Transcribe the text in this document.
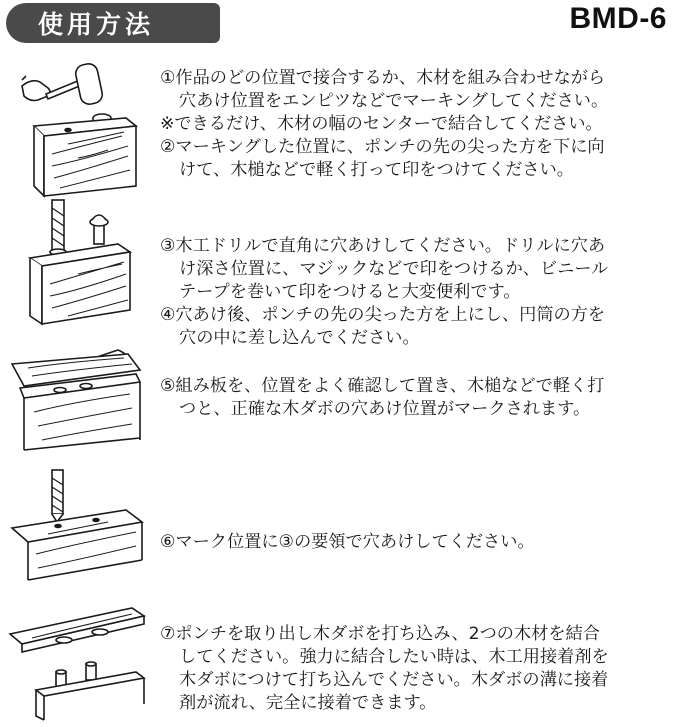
使用方法	BMD-6

①作品のどの位置で接合するか、木材を組み合わせながら

穴あけ位置をエンピツなどでマーキングしてください。

※できるだけ、木材の幅のセンターで結合してください。

②マーキングした位置に、ポンチの先の尖った方を下に向

けて、木槌などで軽く打って印をつけてください。

③木工ドリルで直角に穴あけしてください。ドリルに穴あ

け深さ位置に、マジックなどで印をつけるか、ビニール

テープを巻いて印をつけると大変便利です。

④穴あけ後、ポンチの先の尖った方を上にし、円筒の方を

穴の中に差し込んでください。

⑤組み板を、位置をよく確認して置き、木槌などで軽く打

つと、正確な木ダボの穴あけ位置がマークされます。

⑥マーク位置に③の要領で穴あけしてください。

⑦ポンチを取り出し木ダボを打ち込み、2つの木材を結合

してください。強力に結合したい時は、木工用接着剤を

木ダボにつけて打ち込んでください。木ダボの溝に接着

剤が流れ、完全に接着できます。
